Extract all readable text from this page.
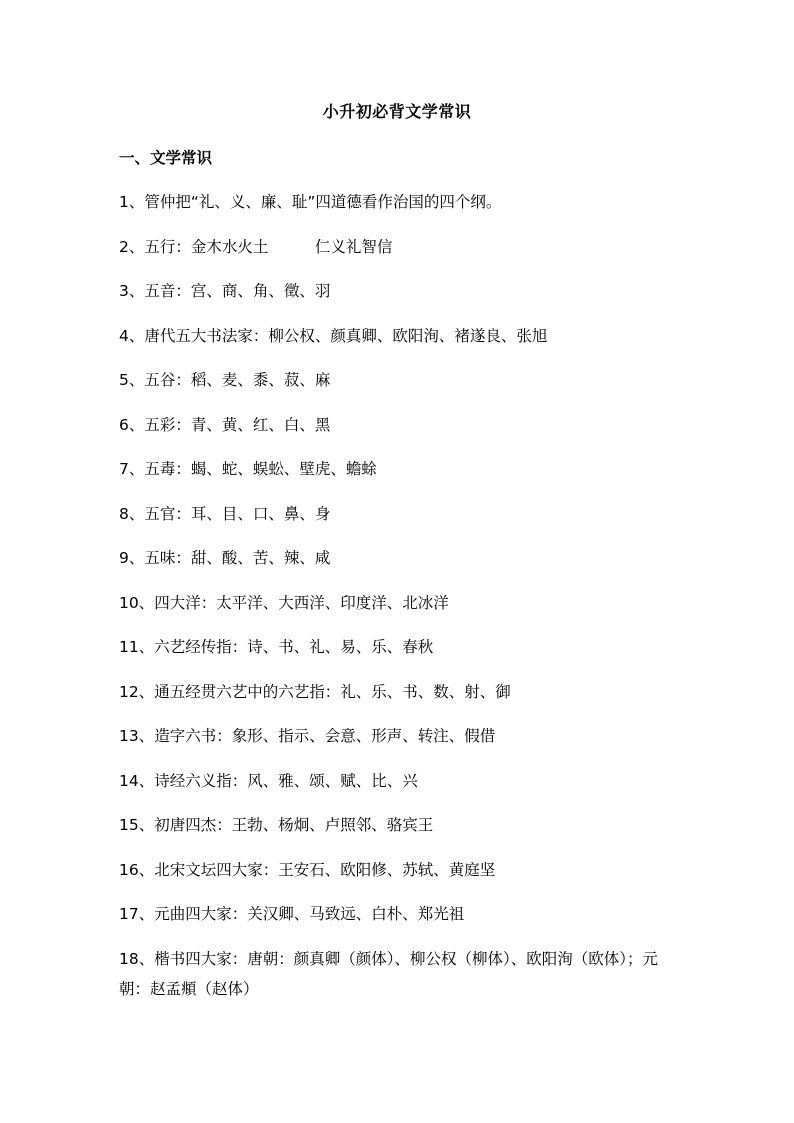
小升初必背文学常识
一、文学常识
1、管仲把“礼、义、廉、耻”四道德看作治国的四个纲。
2、五行：金木水火土　　　仁义礼智信
3、五音：宫、商、角、徵、羽
4、唐代五大书法家：柳公权、颜真卿、欧阳洵、褚遂良、张旭
5、五谷：稻、麦、黍、菽、麻
6、五彩：青、黄、红、白、黑
7、五毒：蝎、蛇、蜈蚣、壁虎、蟾蜍
8、五官：耳、目、口、鼻、身
9、五味：甜、酸、苦、辣、咸
10、四大洋：太平洋、大西洋、印度洋、北冰洋
11、六艺经传指：诗、书、礼、易、乐、春秋
12、通五经贯六艺中的六艺指：礼、乐、书、数、射、御
13、造字六书：象形、指示、会意、形声、转注、假借
14、诗经六义指：风、雅、颂、赋、比、兴
15、初唐四杰：王勃、杨炯、卢照邻、骆宾王
16、北宋文坛四大家：王安石、欧阳修、苏轼、黄庭坚
17、元曲四大家：关汉卿、马致远、白朴、郑光祖
18、楷书四大家：唐朝：颜真卿（颜体）、柳公权（柳体）、欧阳洵（欧体）；元朝：赵孟頫（赵体）
